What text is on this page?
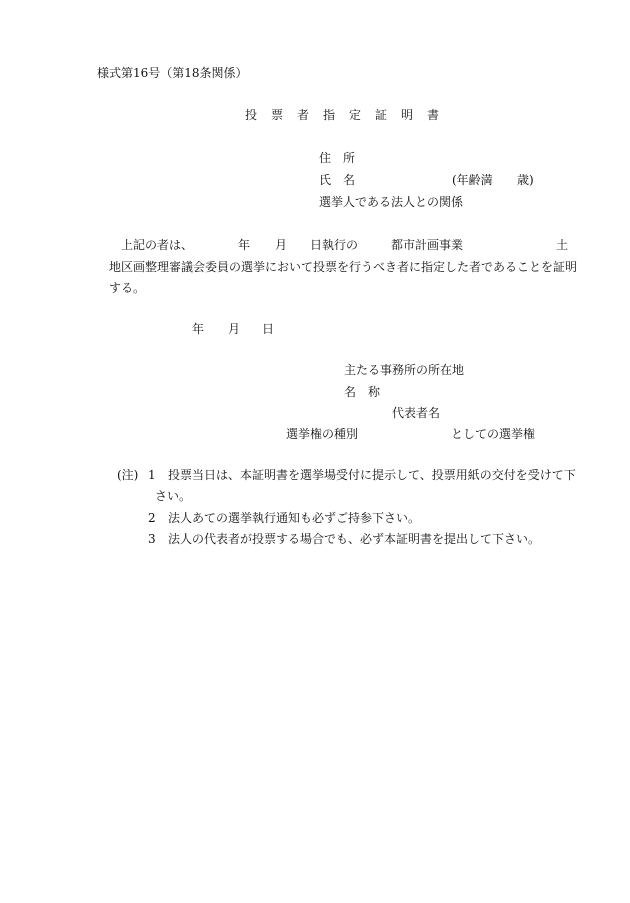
様式第16号（第18条関係）
投票者指定証明書
住　所
氏　名	(年齢満 歳)
選挙人である法人との関係
上記の者は、	年 月 日執行の	都市計画事業	土
地区画整理審議会委員の選挙において投票を行うべき者に指定した者であることを証明
する。
年 月 日
主たる事務所の所在地
名　称
代表者名
選挙権の種別	としての選挙権
(注) 1 投票当日は、本証明書を選挙場受付に提示して、投票用紙の交付を受けて下
さい。
2 法人あての選挙執行通知も必ずご持参下さい。
3 法人の代表者が投票する場合でも、必ず本証明書を提出して下さい。
